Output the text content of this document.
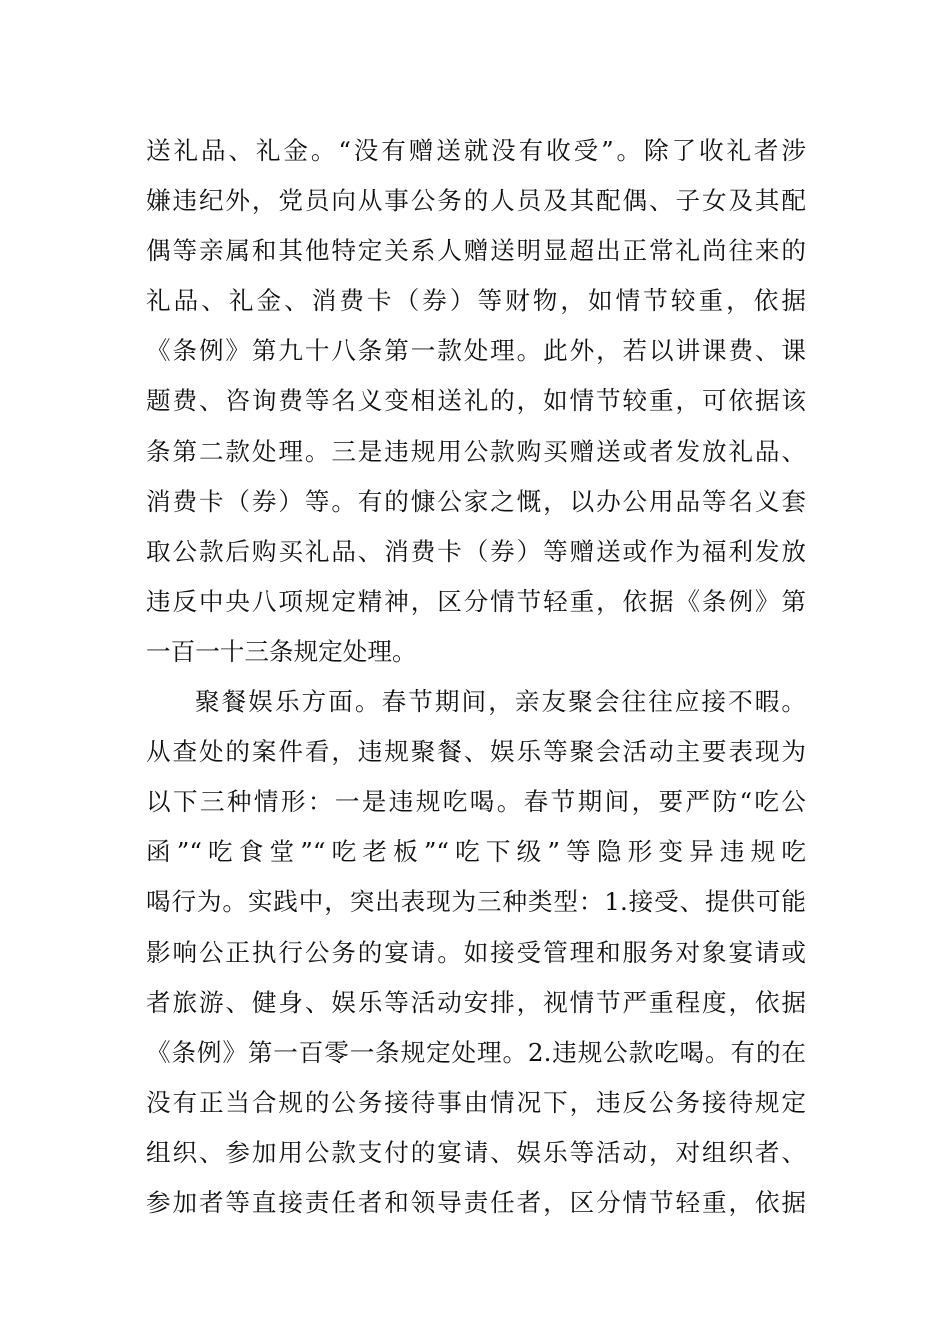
送礼品、礼金。“没有赠送就没有收受”。除了收礼者涉
嫌违纪外，党员向从事公务的人员及其配偶、子女及其配
偶等亲属和其他特定关系人赠送明显超出正常礼尚往来的
礼品、礼金、消费卡（券）等财物，如情节较重，依据
《条例》第九十八条第一款处理。此外，若以讲课费、课
题费、咨询费等名义变相送礼的，如情节较重，可依据该
条第二款处理。三是违规用公款购买赠送或者发放礼品、
消费卡（券）等。有的慷公家之慨，以办公用品等名义套
取公款后购买礼品、消费卡（券）等赠送或作为福利发放
违反中央八项规定精神，区分情节轻重，依据《条例》第
一百一十三条规定处理。
聚餐娱乐方面。春节期间，亲友聚会往往应接不暇。
从查处的案件看，违规聚餐、娱乐等聚会活动主要表现为
以下三种情形：一是违规吃喝。春节期间，要严防“吃公
函”“吃食堂”“吃老板”“吃下级”等隐形变异违规吃
喝行为。实践中，突出表现为三种类型：1.接受、提供可能
影响公正执行公务的宴请。如接受管理和服务对象宴请或
者旅游、健身、娱乐等活动安排，视情节严重程度，依据
《条例》第一百零一条规定处理。2.违规公款吃喝。有的在
没有正当合规的公务接待事由情况下，违反公务接待规定
组织、参加用公款支付的宴请、娱乐等活动，对组织者、
参加者等直接责任者和领导责任者，区分情节轻重，依据
